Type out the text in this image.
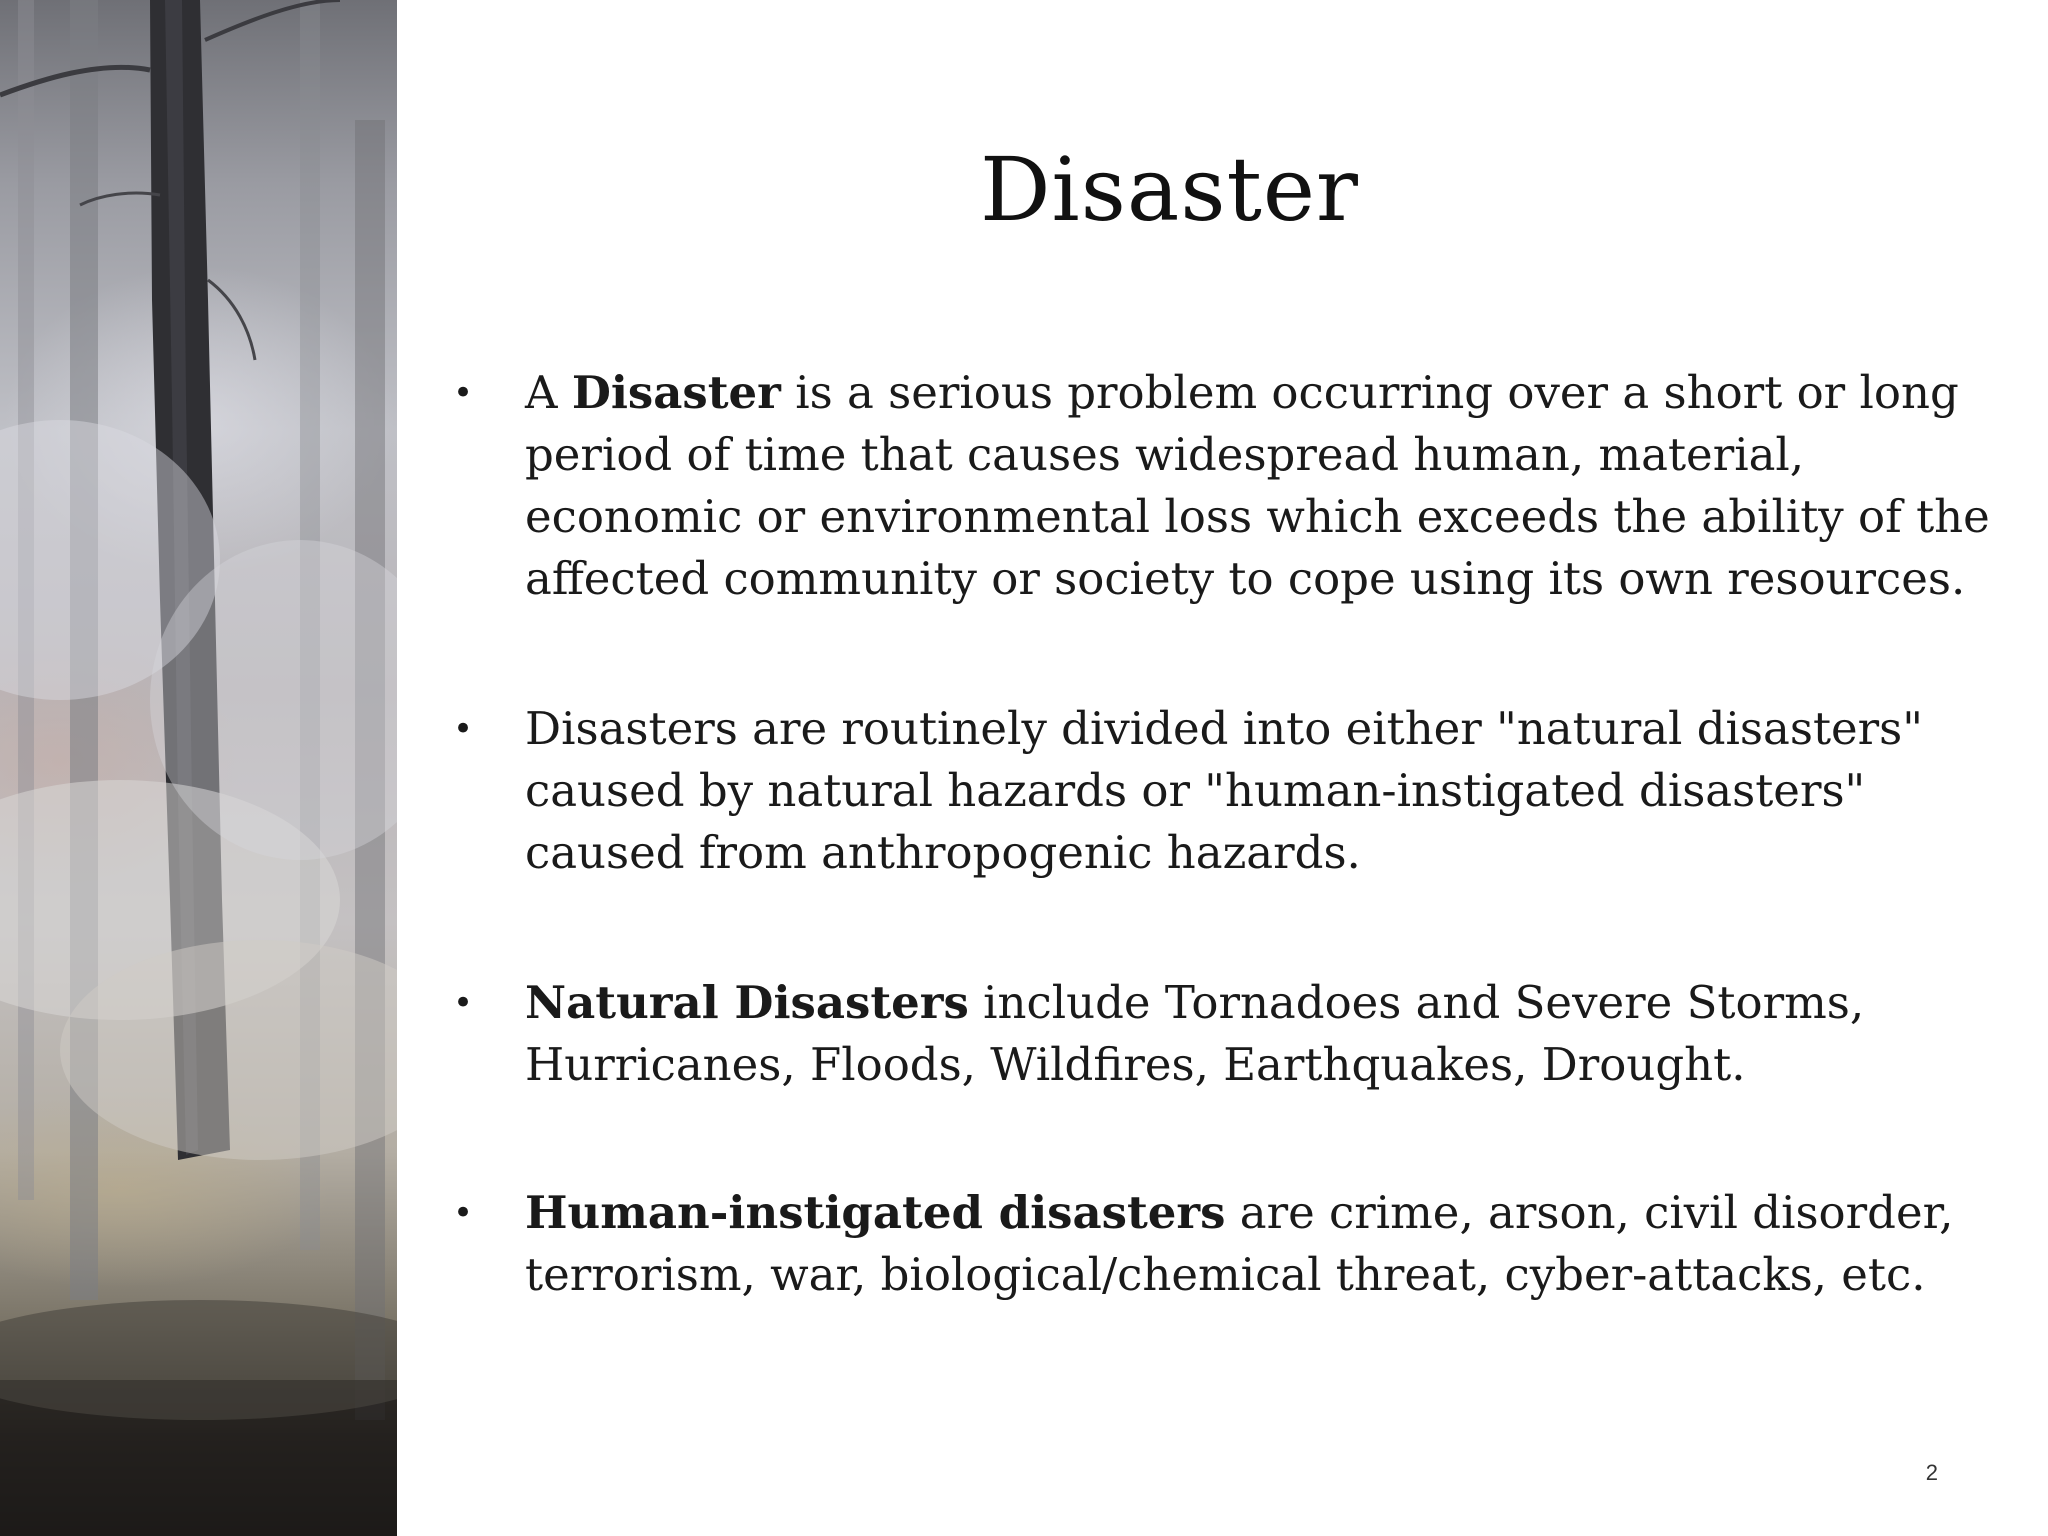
Disaster
• A Disaster is a serious problem occurring over a short or long period of time that causes widespread human, material, economic or environmental loss which exceeds the ability of the affected community or society to cope using its own resources.
• Disasters are routinely divided into either "natural disasters" caused by natural hazards or "human-instigated disasters" caused from anthropogenic hazards.
• Natural Disasters include Tornadoes and Severe Storms, Hurricanes, Floods, Wildfires, Earthquakes, Drought.
• Human-instigated disasters are crime, arson, civil disorder, terrorism, war, biological/chemical threat, cyber-attacks, etc.
2
